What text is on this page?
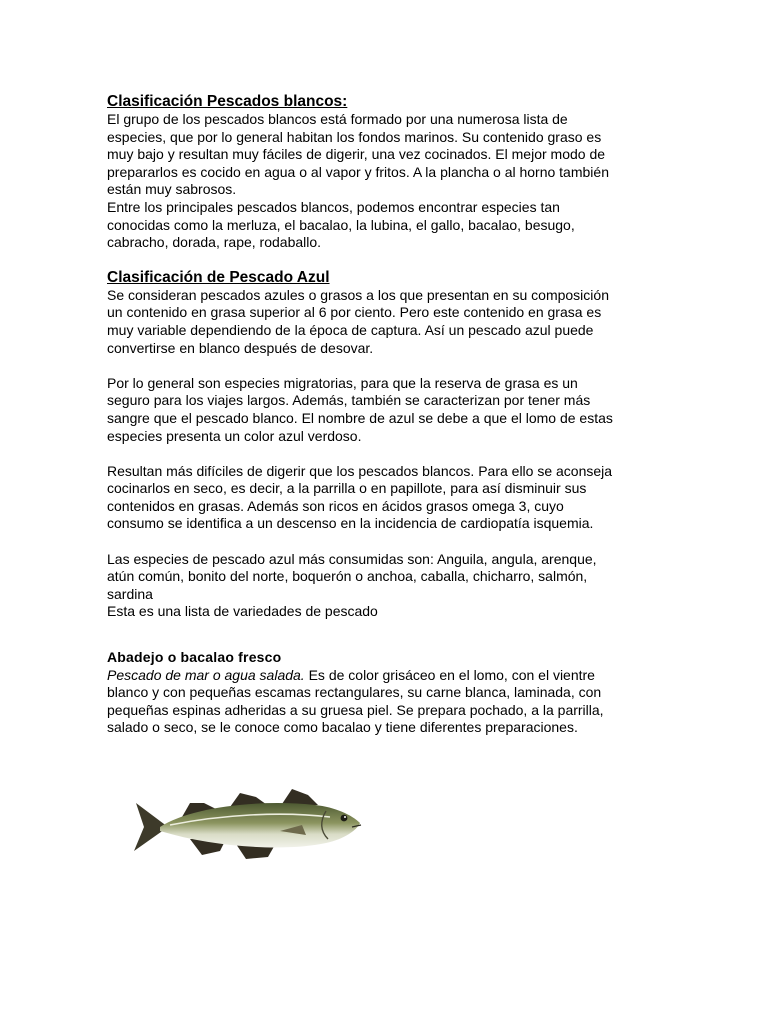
Clasificación Pescados blancos:

El grupo de los pescados blancos está formado por una numerosa lista de
especies, que por lo general habitan los fondos marinos. Su contenido graso es
muy bajo y resultan muy fáciles de digerir, una vez cocinados. El mejor modo de
prepararlos es cocido en agua o al vapor y fritos. A la plancha o al horno también
están muy sabrosos.

Entre los principales pescados blancos, podemos encontrar especies tan
conocidas como la merluza, el bacalao, la lubina, el gallo, bacalao, besugo,
cabracho, dorada, rape, rodaballo.

Clasificación de Pescado Azul

Se consideran pescados azules o grasos a los que presentan en su composición
un contenido en grasa superior al 6 por ciento. Pero este contenido en grasa es
muy variable dependiendo de la época de captura. Así un pescado azul puede
convertirse en blanco después de desovar.

Por lo general son especies migratorias, para que la reserva de grasa es un
seguro para los viajes largos. Además, también se caracterizan por tener más
sangre que el pescado blanco. El nombre de azul se debe a que el lomo de estas
especies presenta un color azul verdoso.

Resultan más difíciles de digerir que los pescados blancos. Para ello se aconseja
cocinarlos en seco, es decir, a la parrilla o en papillote, para así disminuir sus
contenidos en grasas. Además son ricos en ácidos grasos omega 3, cuyo
consumo se identifica a un descenso en la incidencia de cardiopatía isquemia.

Las especies de pescado azul más consumidas son: Anguila, angula, arenque,
atún común, bonito del norte, boquerón o anchoa, caballa, chicharro, salmón,
sardina

Esta es una lista de variedades de pescado

Abadejo o bacalao fresco

Pescado de mar o agua salada. Es de color grisáceo en el lomo, con el vientre
blanco y con pequeñas escamas rectangulares, su carne blanca, laminada, con
pequeñas espinas adheridas a su gruesa piel. Se prepara pochado, a la parrilla,
salado o seco, se le conoce como bacalao y tiene diferentes preparaciones.
